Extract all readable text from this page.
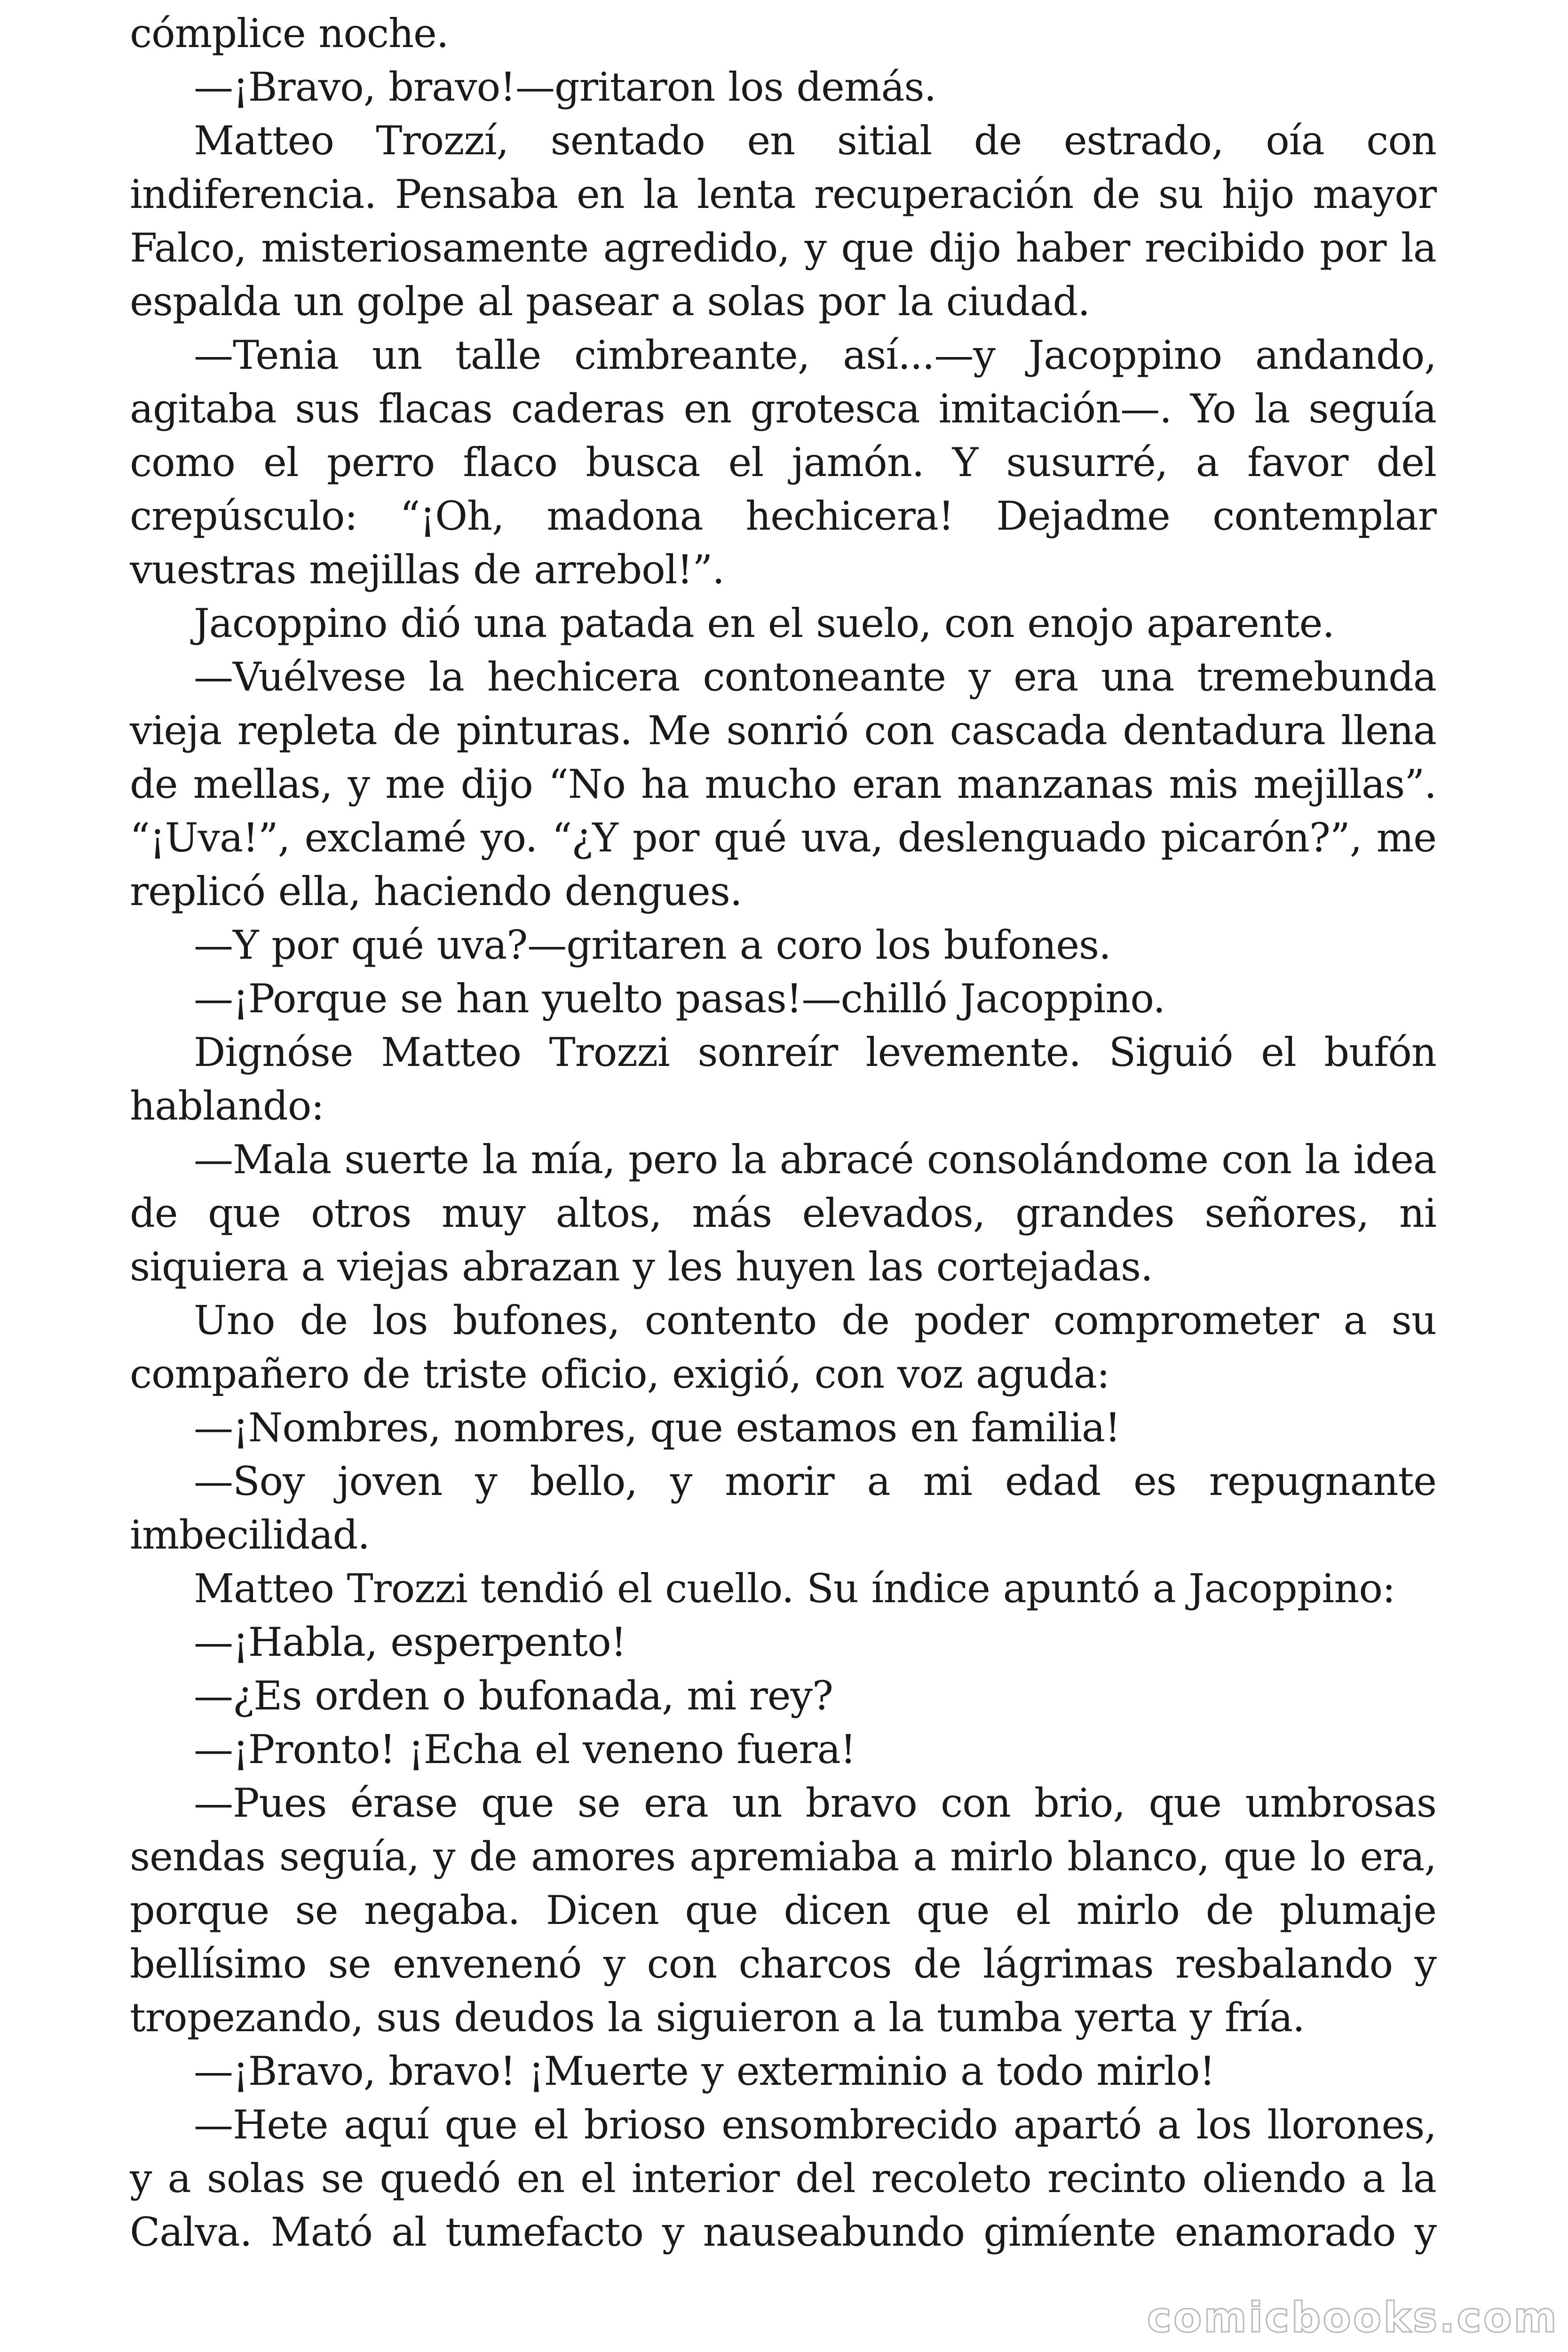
cómplice noche.

—¡Bravo, bravo!—gritaron los demás.

Matteo Trozzí, sentado en sitial de estrado, oía con indiferencia. Pensaba en la lenta recuperación de su hijo mayor Falco, misteriosamente agredido, y que dijo haber recibido por la espalda un golpe al pasear a solas por la ciudad.

—Tenia un talle cimbreante, así...—y Jacoppino andando, agitaba sus flacas caderas en grotesca imitación—. Yo la seguía como el perro flaco busca el jamón. Y susurré, a favor del crepúsculo: “¡Oh, madona hechicera! Dejadme contemplar vuestras mejillas de arrebol!”.

Jacoppino dió una patada en el suelo, con enojo aparente.

—Vuélvese la hechicera contoneante y era una tremebunda vieja repleta de pinturas. Me sonrió con cascada dentadura llena de mellas, y me dijo “No ha mucho eran manzanas mis mejillas”. “¡Uva!”, exclamé yo. “¿Y por qué uva, deslenguado picarón?”, me replicó ella, haciendo dengues.

—Y por qué uva?—gritaren a coro los bufones.

—¡Porque se han yuelto pasas!—chilló Jacoppino.

Dignóse Matteo Trozzi sonreír levemente. Siguió el bufón hablando:

—Mala suerte la mía, pero la abracé consolándome con la idea de que otros muy altos, más elevados, grandes señores, ni siquiera a viejas abrazan y les huyen las cortejadas.

Uno de los bufones, contento de poder comprometer a su compañero de triste oficio, exigió, con voz aguda:

—¡Nombres, nombres, que estamos en familia!

—Soy joven y bello, y morir a mi edad es repugnante imbecilidad.

Matteo Trozzi tendió el cuello. Su índice apuntó a Jacoppino:

—¡Habla, esperpento!

—¿Es orden o bufonada, mi rey?

—¡Pronto! ¡Echa el veneno fuera!

—Pues érase que se era un bravo con brio, que umbrosas sendas seguía, y de amores apremiaba a mirlo blanco, que lo era, porque se negaba. Dicen que dicen que el mirlo de plumaje bellísimo se envenenó y con charcos de lágrimas resbalando y tropezando, sus deudos la siguieron a la tumba yerta y fría.

—¡Bravo, bravo! ¡Muerte y exterminio a todo mirlo!

—Hete aquí que el brioso ensombrecido apartó a los llorones, y a solas se quedó en el interior del recoleto recinto oliendo a la Calva. Mató al tumefacto y nauseabundo gimíente enamorado y

comicbooks.com
